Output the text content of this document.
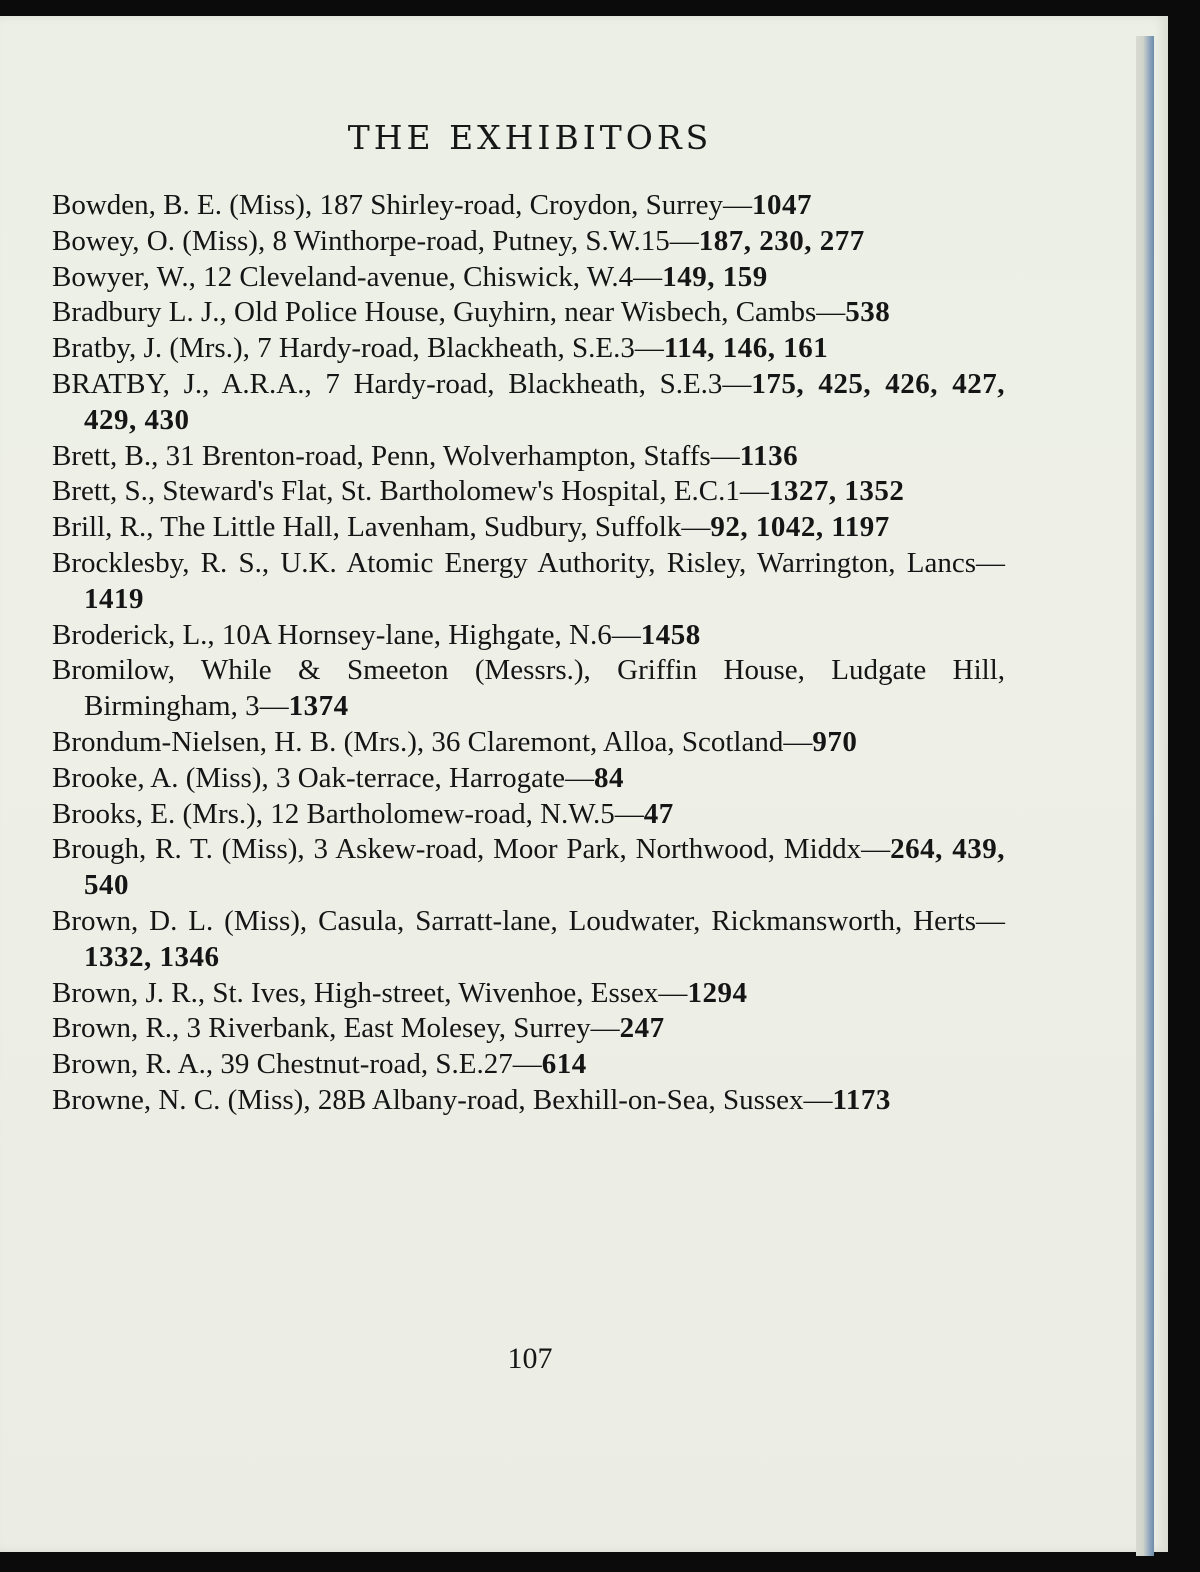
THE EXHIBITORS

Bowden, B. E. (Miss), 187 Shirley-road, Croydon, Surrey—1047

Bowey, O. (Miss), 8 Winthorpe-road, Putney, S.W.15—187, 230, 277

Bowyer, W., 12 Cleveland-avenue, Chiswick, W.4—149, 159

Bradbury L. J., Old Police House, Guyhirn, near Wisbech, Cambs—538

Bratby, J. (Mrs.), 7 Hardy-road, Blackheath, S.E.3—114, 146, 161

BRATBY, J., A.R.A., 7 Hardy-road, Blackheath, S.E.3—175, 425, 426, 427, 429, 430

Brett, B., 31 Brenton-road, Penn, Wolverhampton, Staffs—1136

Brett, S., Steward's Flat, St. Bartholomew's Hospital, E.C.1—1327, 1352

Brill, R., The Little Hall, Lavenham, Sudbury, Suffolk—92, 1042, 1197

Brocklesby, R. S., U.K. Atomic Energy Authority, Risley, Warrington, Lancs—1419

Broderick, L., 10A Hornsey-lane, Highgate, N.6—1458

Bromilow, While & Smeeton (Messrs.), Griffin House, Ludgate Hill, Birmingham, 3—1374

Brondum-Nielsen, H. B. (Mrs.), 36 Claremont, Alloa, Scotland—970

Brooke, A. (Miss), 3 Oak-terrace, Harrogate—84

Brooks, E. (Mrs.), 12 Bartholomew-road, N.W.5—47

Brough, R. T. (Miss), 3 Askew-road, Moor Park, Northwood, Middx—264, 439, 540

Brown, D. L. (Miss), Casula, Sarratt-lane, Loudwater, Rickmansworth, Herts—1332, 1346

Brown, J. R., St. Ives, High-street, Wivenhoe, Essex—1294

Brown, R., 3 Riverbank, East Molesey, Surrey—247

Brown, R. A., 39 Chestnut-road, S.E.27—614

Browne, N. C. (Miss), 28B Albany-road, Bexhill-on-Sea, Sussex—1173

107
